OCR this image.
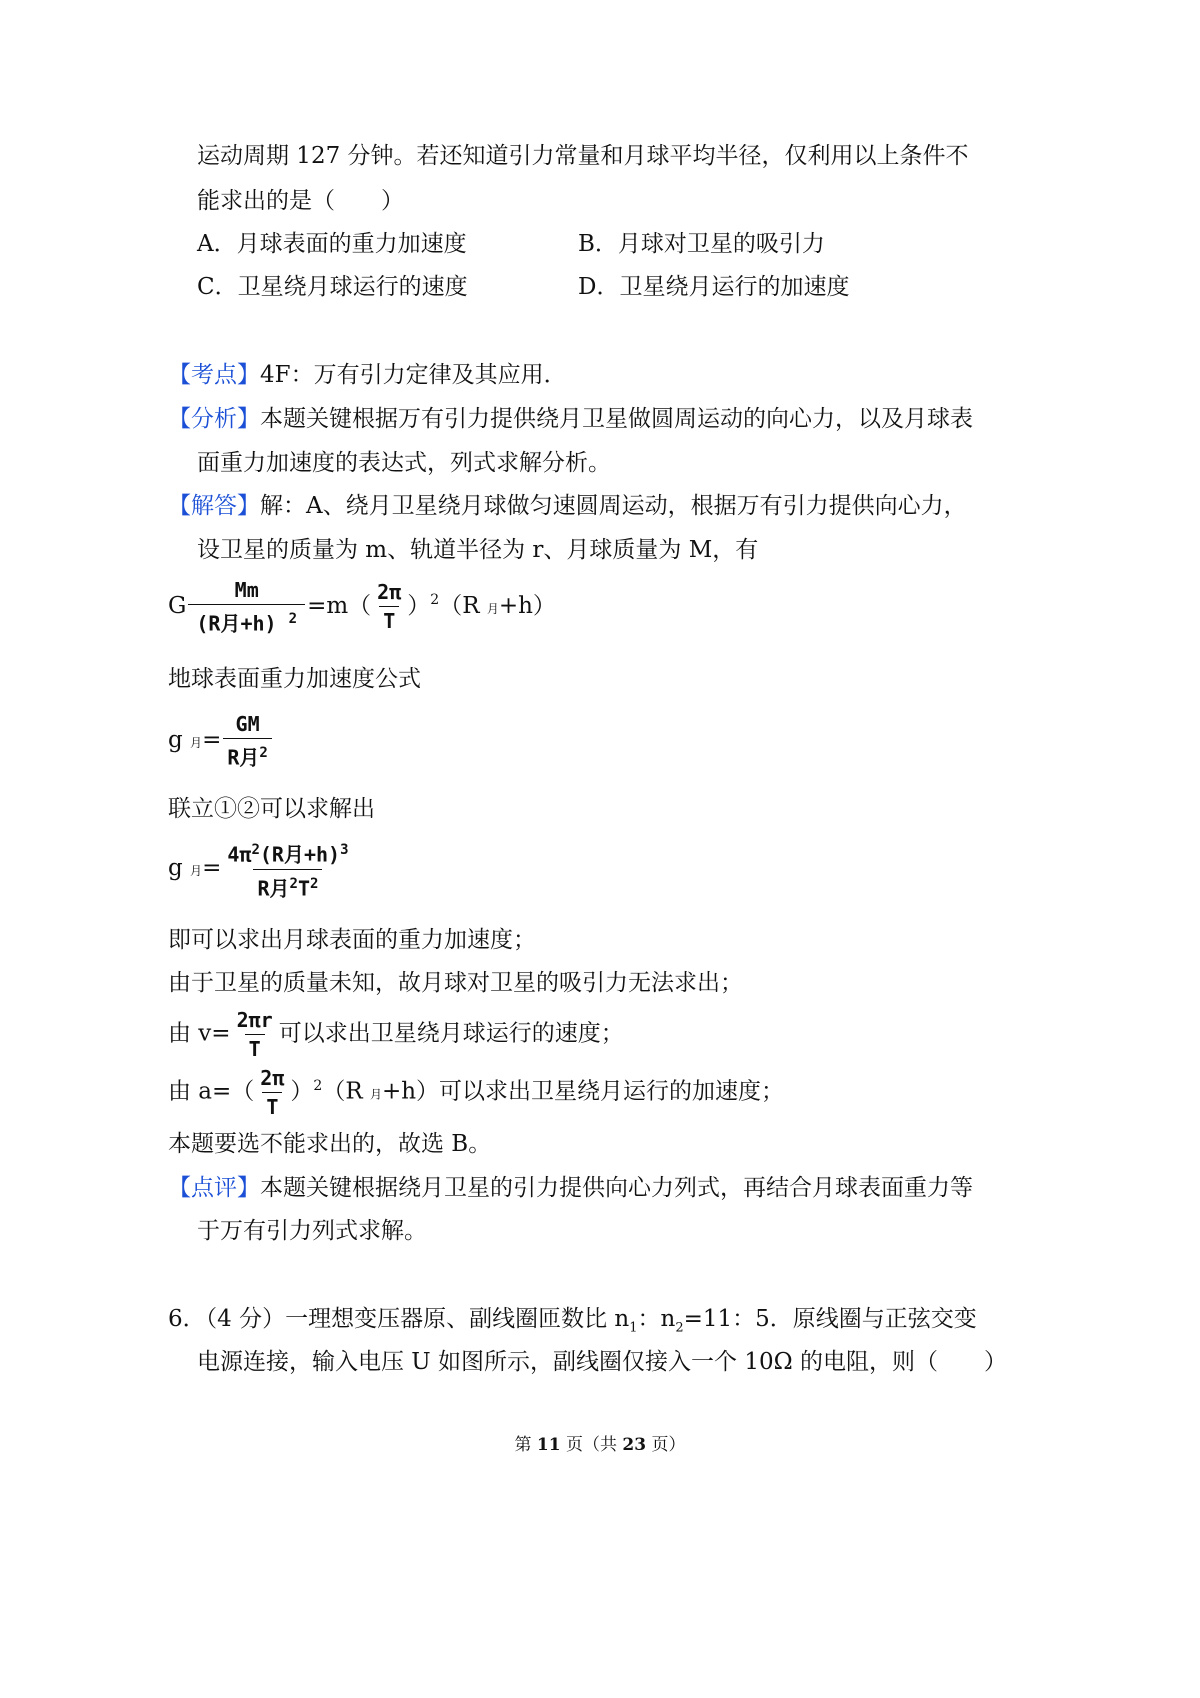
运动周期 127 分钟。若还知道引力常量和月球平均半径，仅利用以上条件不
能求出的是（　　）
A．月球表面的重力加速度	B．月球对卫星的吸引力
C．卫星绕月球运行的速度	D．卫星绕月运行的加速度
【考点】4F：万有引力定律及其应用．
【分析】本题关键根据万有引力提供绕月卫星做圆周运动的向心力，以及月球表
面重力加速度的表达式，列式求解分析。
【解答】解：A、绕月卫星绕月球做匀速圆周运动，根据万有引力提供向心力，
设卫星的质量为 m、轨道半径为 r、月球质量为 M，有
G $\frac{Mm}{(R月+h) ^2} =m( \frac{2\pi}{T} )^2(R$ 月+h）
地球表面重力加速度公式
g 月= $\frac{GM}{R月^2}$
联立①②可以求解出
g 月= $\frac{4\pi^2(R月+h)^3}{R月^2T^2}$
即可以求出月球表面的重力加速度；
由于卫星的质量未知，故月球对卫星的吸引力无法求出；
由 $v= \frac{2\pi r}{T}$ 可以求出卫星绕月球运行的速度；
由 $a=( \frac{2\pi}{T} )^2(R$ 月+h）可以求出卫星绕月运行的加速度；
本题要选不能求出的，故选 B。
【点评】本题关键根据绕月卫星的引力提供向心力列式，再结合月球表面重力等
于万有引力列式求解。
6．（4 分）一理想变压器原、副线圈匝数比 $n_1$：$n_2=11$：5．原线圈与正弦交变
电源连接，输入电压 U 如图所示，副线圈仅接入一个 10Ω 的电阻，则（　　）
第 11 页（共 23 页）
